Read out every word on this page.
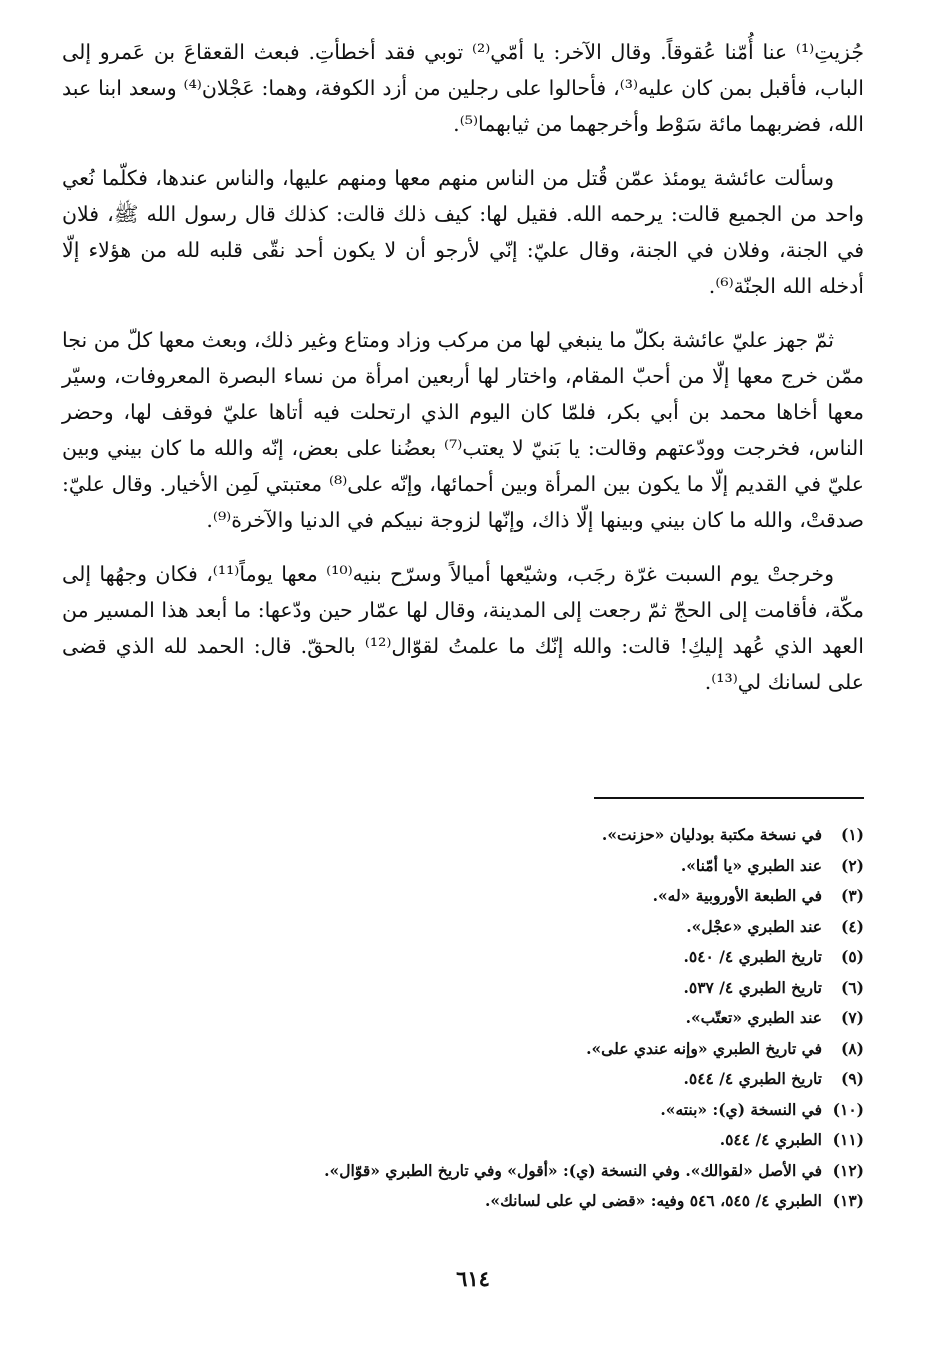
جُزيتِ⁽¹⁾ عنا أُمّنا عُقوقاً. وقال الآخر: يا أمّي⁽²⁾ توبي فقد أخطأتِ. فبعث القعقاعَ بن عَمرو إلى الباب، فأقبل بمن كان عليه⁽³⁾، فأحالوا على رجلين من أزد الكوفة، وهما: عَجْلان⁽⁴⁾ وسعد ابنا عبد الله، فضربهما مائة سَوْط وأخرجهما من ثيابهما⁽⁵⁾.

وسألت عائشة يومئذ عمّن قُتل من الناس منهم معها ومنهم عليها، والناس عندها، فكلّما نُعي واحد من الجميع قالت: يرحمه الله. فقيل لها: كيف ذلك قالت: كذلك قال رسول الله ﷺ، فلان في الجنة، وفلان في الجنة، وقال عليّ: إنّي لأرجو أن لا يكون أحد نقّى قلبه لله من هؤلاء إلّا أدخله الله الجنّة⁽⁶⁾.

ثمّ جهز عليّ عائشة بكلّ ما ينبغي لها من مركب وزاد ومتاع وغير ذلك، وبعث معها كلّ من نجا ممّن خرج معها إلّا من أحبّ المقام، واختار لها أربعين امرأة من نساء البصرة المعروفات، وسيّر معها أخاها محمد بن أبي بكر، فلمّا كان اليوم الذي ارتحلت فيه أتاها عليّ فوقف لها، وحضر الناس، فخرجت وودّعتهم وقالت: يا بَنيّ لا يعتب⁽⁷⁾ بعضُنا على بعض، إنّه والله ما كان بيني وبين عليّ في القديم إلّا ما يكون بين المرأة وبين أحمائها، وإنّه على⁽⁸⁾ معتبتي لَمِن الأخيار. وقال عليّ: صدقتْ، والله ما كان بيني وبينها إلّا ذاك، وإنّها لزوجة نبيكم في الدنيا والآخرة⁽⁹⁾.

وخرجتْ يوم السبت غرّة رجَب، وشيّعها أميالاً وسرّح بنيه⁽¹⁰⁾ معها يوماً⁽¹¹⁾، فكان وجهُها إلى مكّة، فأقامت إلى الحجّ ثمّ رجعت إلى المدينة، وقال لها عمّار حين ودّعها: ما أبعد هذا المسير من العهد الذي عُهد إليكِ! قالت: والله إنّك ما علمتُ لقوّال⁽¹²⁾ بالحقّ. قال: الحمد لله الذي قضى على لسانك لي⁽¹³⁾.

(١)
في نسخة مكتبة بودليان «حزنت».
(٢)
عند الطبري «يا أمّنا».
(٣)
في الطبعة الأوروبية «له».
(٤)
عند الطبري «عجْل».
(٥)
تاريخ الطبري ٤/ ٥٤٠.
(٦)
تاريخ الطبري ٤/ ٥٣٧.
(٧)
عند الطبري «تعتّب».
(٨)
في تاريخ الطبري «وإنه عندي على».
(٩)
تاريخ الطبري ٤/ ٥٤٤.
(١٠)
في النسخة (ي): «بنته».
(١١)
الطبري ٤/ ٥٤٤.
(١٢)
في الأصل «لقوالك». وفي النسخة (ي): «أقول» وفي تاريخ الطبري «قوّال».
(١٣)
الطبري ٤/ ٥٤٥، ٥٤٦ وفيه: «قضى لي على لسانك».
٦١٤
